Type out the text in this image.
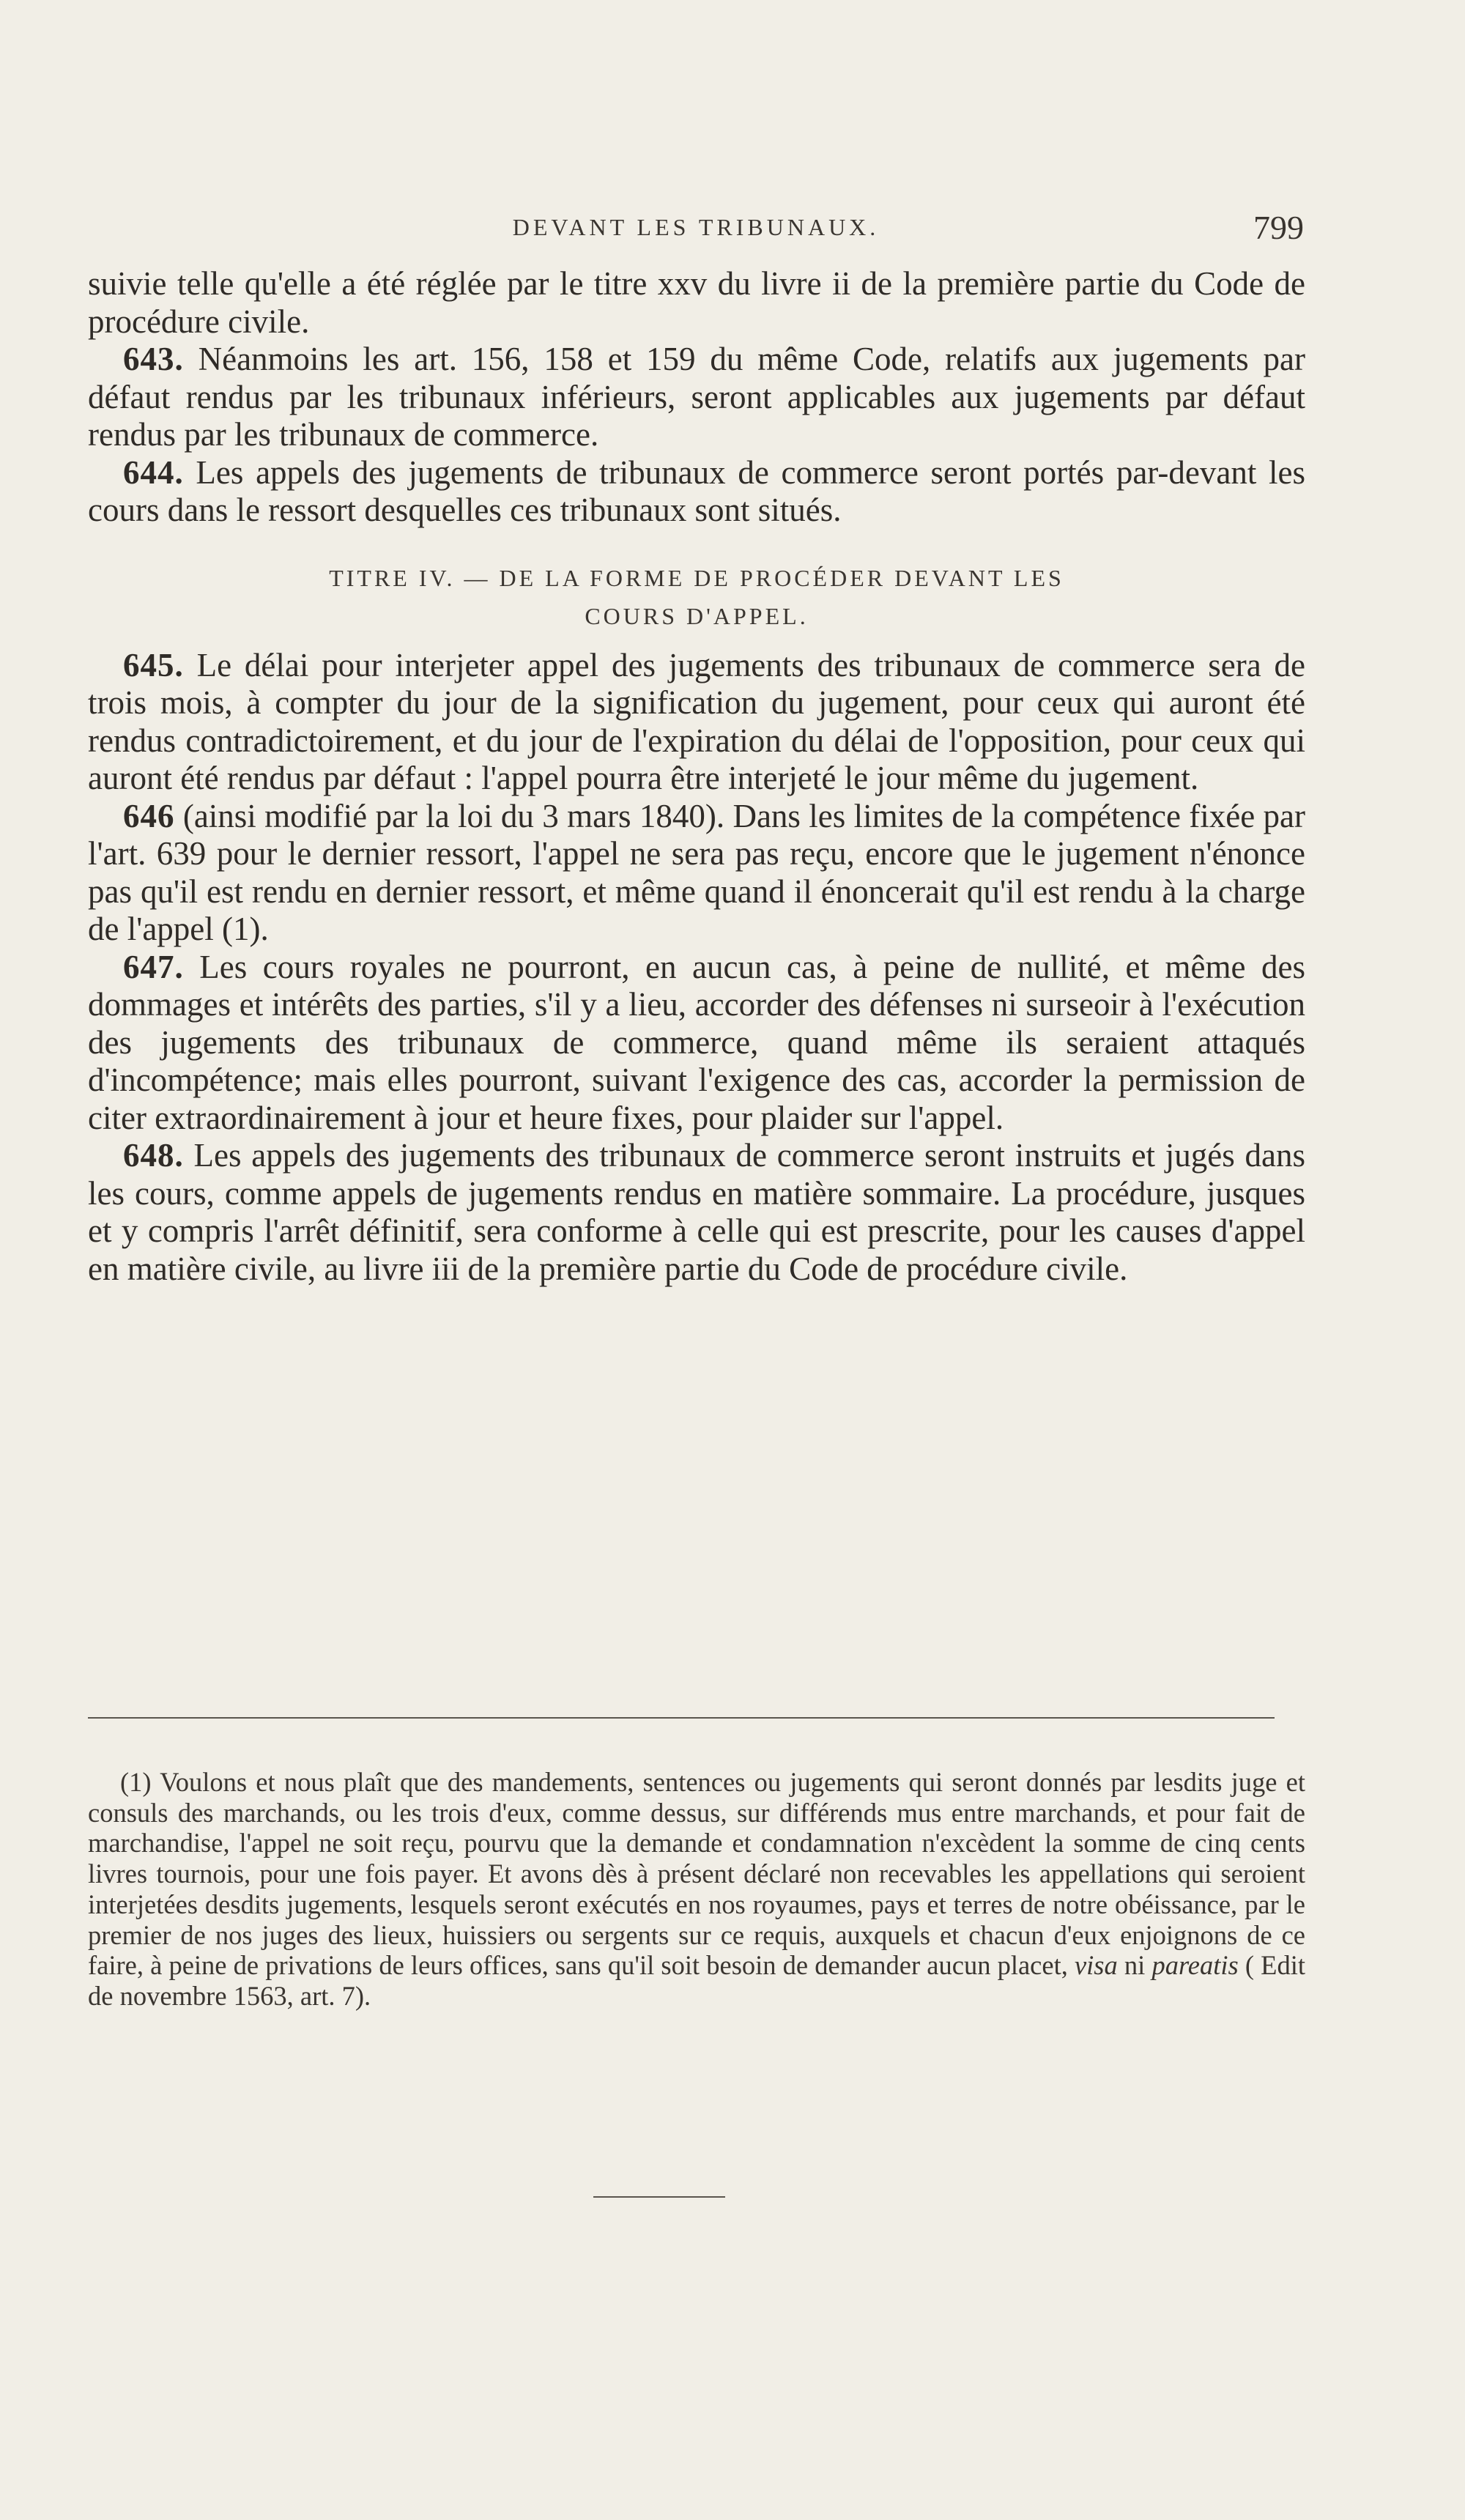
DEVANT LES TRIBUNAUX.	799

suivie telle qu'elle a été réglée par le titre xxv du livre ii de la première partie du Code de procédure civile.

643. Néanmoins les art. 156, 158 et 159 du même Code, relatifs aux jugements par défaut rendus par les tribunaux inférieurs, seront applicables aux jugements par défaut rendus par les tribunaux de commerce.

644. Les appels des jugements de tribunaux de commerce seront portés par-devant les cours dans le ressort desquelles ces tribunaux sont situés.

TITRE IV. — DE LA FORME DE PROCÉDER DEVANT LES
COURS D'APPEL.

645. Le délai pour interjeter appel des jugements des tribunaux de commerce sera de trois mois, à compter du jour de la signification du jugement, pour ceux qui auront été rendus contradictoirement, et du jour de l'expiration du délai de l'opposition, pour ceux qui auront été rendus par défaut : l'appel pourra être interjeté le jour même du jugement.

646 (ainsi modifié par la loi du 3 mars 1840). Dans les limites de la compétence fixée par l'art. 639 pour le dernier ressort, l'appel ne sera pas reçu, encore que le jugement n'énonce pas qu'il est rendu en dernier ressort, et même quand il énoncerait qu'il est rendu à la charge de l'appel (1).

647. Les cours royales ne pourront, en aucun cas, à peine de nullité, et même des dommages et intérêts des parties, s'il y a lieu, accorder des défenses ni surseoir à l'exécution des jugements des tribunaux de commerce, quand même ils seraient attaqués d'incompétence; mais elles pourront, suivant l'exigence des cas, accorder la permission de citer extraordinairement à jour et heure fixes, pour plaider sur l'appel.

648. Les appels des jugements des tribunaux de commerce seront instruits et jugés dans les cours, comme appels de jugements rendus en matière sommaire. La procédure, jusques et y compris l'arrêt définitif, sera conforme à celle qui est prescrite, pour les causes d'appel en matière civile, au livre iii de la première partie du Code de procédure civile.

(1) Voulons et nous plaît que des mandements, sentences ou jugements qui seront donnés par lesdits juge et consuls des marchands, ou les trois d'eux, comme dessus, sur différends mus entre marchands, et pour fait de marchandise, l'appel ne soit reçu, pourvu que la demande et condamnation n'excèdent la somme de cinq cents livres tournois, pour une fois payer. Et avons dès à présent déclaré non recevables les appellations qui seroient interjetées desdits jugements, lesquels seront exécutés en nos royaumes, pays et terres de notre obéissance, par le premier de nos juges des lieux, huissiers ou sergents sur ce requis, auxquels et chacun d'eux enjoignons de ce faire, à peine de privations de leurs offices, sans qu'il soit besoin de demander aucun placet, visa ni pareatis ( Edit de novembre 1563, art. 7).
